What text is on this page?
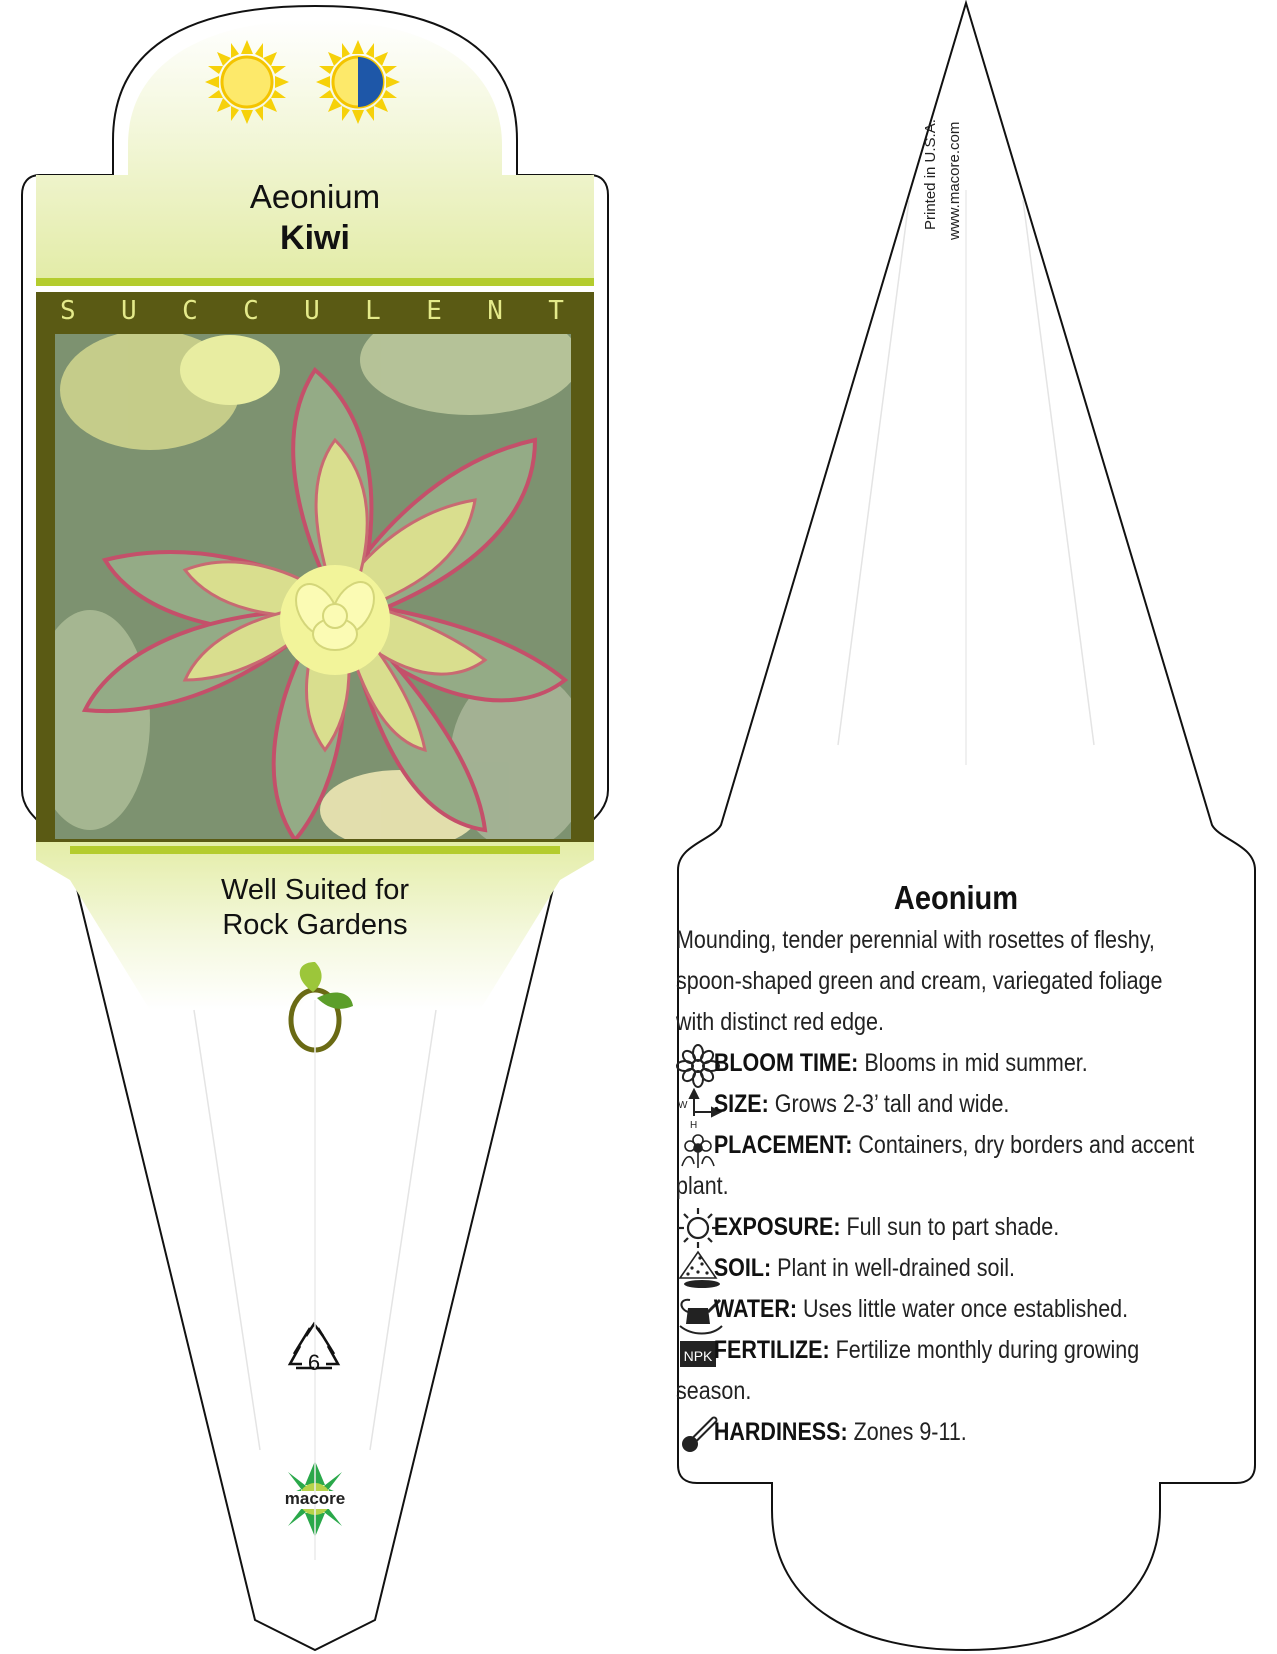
W
H
NPK
Aeonium
Kiwi
S U C C U L E N T
Well Suited for
Rock Gardens
6
macore
Printed in U.S.A. www.macore.com
Aeonium
Mounding, tender perennial with rosettes of fleshy, spoon-shaped green and cream, variegated foliage with distinct red edge.
BLOOM TIME: Blooms in mid summer.
SIZE: Grows 2-3’ tall and wide.
PLACEMENT: Containers, dry borders and accent plant.
EXPOSURE: Full sun to part shade.
SOIL: Plant in well-drained soil.
WATER: Uses little water once established.
FERTILIZE: Fertilize monthly during growing season.
HARDINESS: Zones 9-11.
